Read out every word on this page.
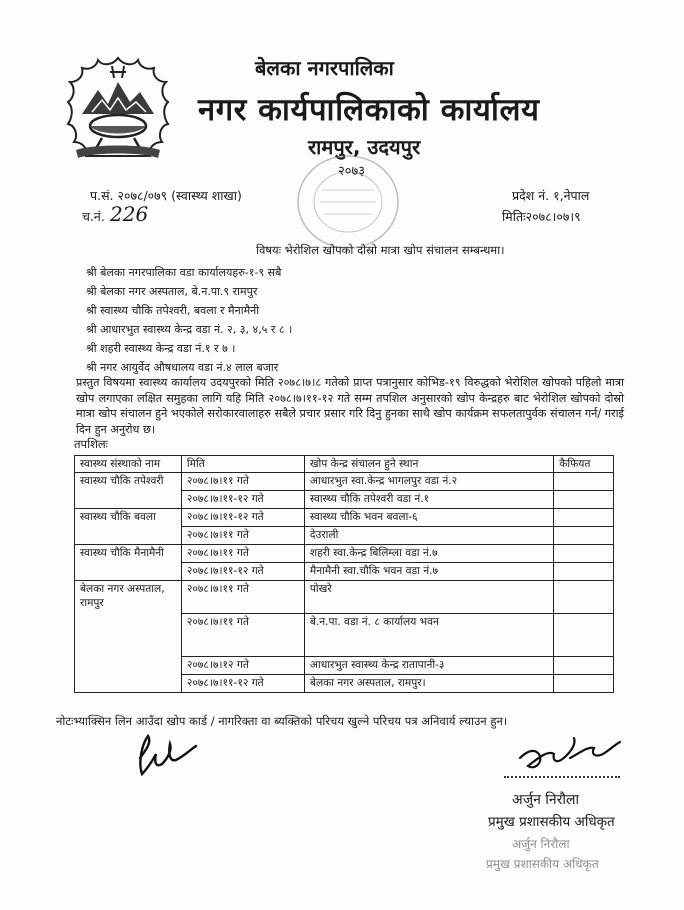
बेलका नगरपालिका
नगर कार्यपालिकाको कार्यालय
रामपुर, उदयपुर
२०७३
प.सं. २०७८/०७९ (स्वास्थ्य शाखा)
च.नं. 226
प्रदेश नं. १,नेपाल
मितिः२०७८।०७।९
विषयः भेरोशिल खोपको दोस्रो मात्रा खोप संचालन सम्बन्धमा।
श्री बेलका नगरपालिका वडा कार्यालयहरु-१-९ सबै
श्री बेलका नगर अस्पताल, बे.न.पा.९ रामपुर
श्री स्वास्थ्य चौकि तपेश्वरी, बवला र मैनामैनी
श्री आधारभुत स्वास्थ्य केन्द्र वडा नं. २, ३, ४,५ र ८ ।
श्री शहरी स्वास्थ्य केन्द्र वडा नं.१ र ७ ।
श्री नगर आयुर्वेद औषधालय वडा नं.४ लाल बजार
प्रस्तुत विषयमा स्वास्थ्य कार्यालय उदयपुरको मिति २०७८।७।८ गतेको प्राप्त पत्रानुसार कोभिड-१९ विरुद्धको भेरोशिल खोपको पहिलो मात्रा खोप लगाएका लक्षित समुहका लागि यहि मिति २०७८।७।११-१२ गते सम्म तपशिल अनुसारको खोप केन्द्रहरु बाट भेरोशिल खोपको दोस्रो मात्रा खोप संचालन हुने भएकोले सरोकारवालाहरु सबैले प्रचार प्रसार गरि दिनु हुनका साथै खोप कार्यक्रम सफलतापुर्वक संचालन गर्न/ गराई दिन हुन अनुरोध छ।
तपशिलः
स्वास्थ्य संस्थाको नाम	मिति	खोप केन्द्र संचालन हुने स्थान	कैफियत
स्वास्थ्य चौकि तपेश्वरी	२०७८।७।११ गते	आधारभुत स्वा.केन्द्र भागलपुर वडा नं.२	
	२०७८।७।११-१२ गते	स्वास्थ्य चौकि तपेश्वरी वडा नं.१	
स्वास्थ्य चौकि बवला	२०७८।७।११-१२ गते	स्वास्थ्य चौकि भवन बवला-६	
	२०७८।७।११ गते	देउराली	
स्वास्थ्य चौकि मैनामैनी	२०७८।७।११ गते	शहरी स्वा.केन्द्र बिलिम्ला वडा नं.७	
	२०७८।७।११-१२ गते	मैनामैनी स्वा.चौकि भवन वडा नं.७	
बेलका नगर अस्पताल, रामपुर	२०७८।७।११ गते	पोखरे	
	२०७८।७।११ गते	बे.न.पा. वडा नं. ८ कार्यालय भवन	
	२०७८।७।१२ गते	आधारभुत स्वास्थ्य केन्द्र रातापानी-३	
	२०७८।७।११-१२ गते	बेलका नगर अस्पताल, रामपुर।	
नोटःभ्याक्सिन लिन आउँदा खोप कार्ड / नागरिक्ता वा ब्यक्तिको परिचय खुल्ने परिचय पत्र अनिवार्य ल्याउन हुन।
अर्जुन निरौला
प्रमुख प्रशासकीय अधिकृत
अर्जुन निरौला
प्रमुख प्रशासकीय अधिकृत
